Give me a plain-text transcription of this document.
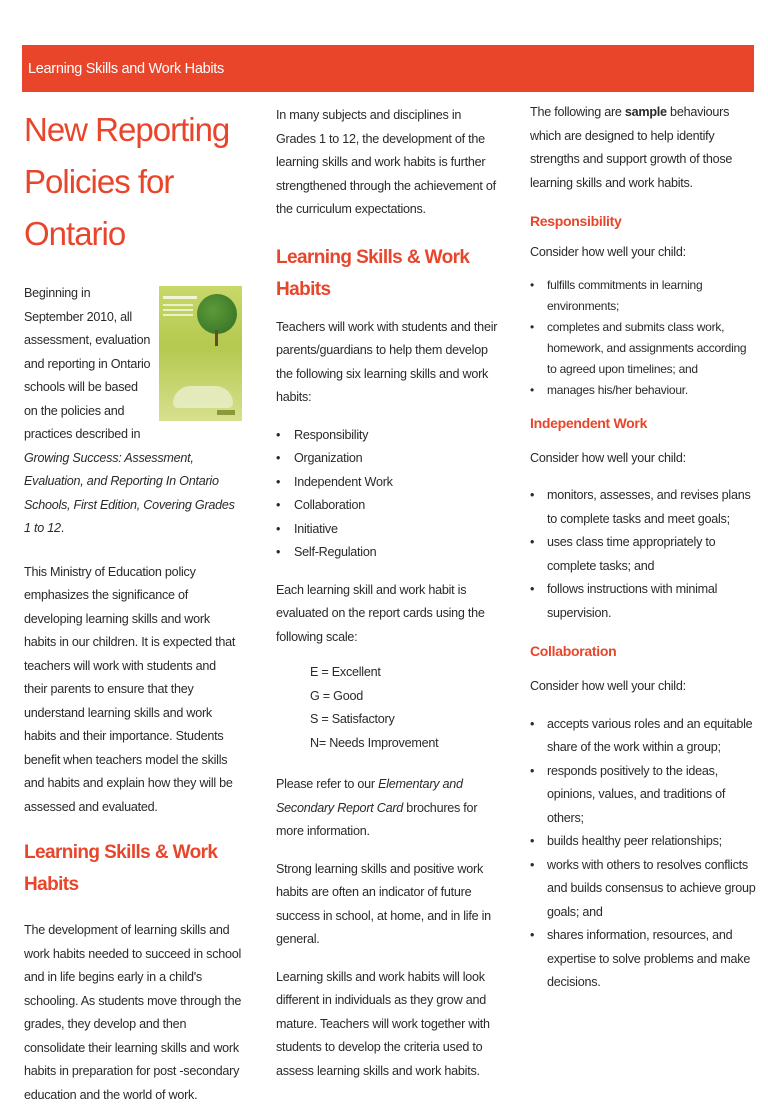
Learning Skills and Work Habits
New Reporting
Policies for Ontario

Beginning in September 2010, all assessment, evaluation and reporting in Ontario schools will be based on the policies and practices described in Growing Success: Assessment, Evaluation, and Reporting In Ontario Schools, First Edition, Covering Grades 1 to 12.

This Ministry of Education policy emphasizes the significance of developing learning skills and work habits in our children. It is expected that teachers will work with students and their parents to ensure that they understand learning skills and work habits and their importance. Students benefit when teachers model the skills and habits and explain how they will be assessed and evaluated.

Learning Skills & Work Habits

The development of learning skills and work habits needed to succeed in school and in life begins early in a child's schooling. As students move through the grades, they develop and then consolidate their learning skills and work habits in preparation for post -secondary education and the world of work.

In many subjects and disciplines in Grades 1 to 12, the development of the learning skills and work habits is further strengthened through the achievement of the curriculum expectations.

Learning Skills & Work Habits

Teachers will work with students and their parents/guardians to help them develop the following six learning skills and work habits:

• Responsibility
• Organization
• Independent Work
• Collaboration
• Initiative
• Self-Regulation

Each learning skill and work habit is evaluated on the report cards using the following scale:

E = Excellent
G = Good
S = Satisfactory
N= Needs Improvement

Please refer to our Elementary and Secondary Report Card brochures for more information.

Strong learning skills and positive work habits are often an indicator of future success in school, at home, and in life in general.

Learning skills and work habits will look different in individuals as they grow and mature. Teachers will work together with students to develop the criteria used to assess learning skills and work habits.

The following are sample behaviours which are designed to help identify strengths and support growth of those learning skills and work habits.

Responsibility

Consider how well your child:

• fulfills commitments in learning environments;
• completes and submits class work, homework, and assignments according to agreed upon timelines; and
• manages his/her behaviour.
Independent Work

Consider how well your child:

• monitors, assesses, and revises plans to complete tasks and meet goals;
• uses class time appropriately to complete tasks; and
• follows instructions with minimal supervision.
Collaboration

Consider how well your child:

• accepts various roles and an equitable share of the work within a group;
• responds positively to the ideas, opinions, values, and traditions of others;
• builds healthy peer relationships;
• works with others to resolves conflicts and builds consensus to achieve group goals; and
• shares information, resources, and expertise to solve problems and make decisions.
